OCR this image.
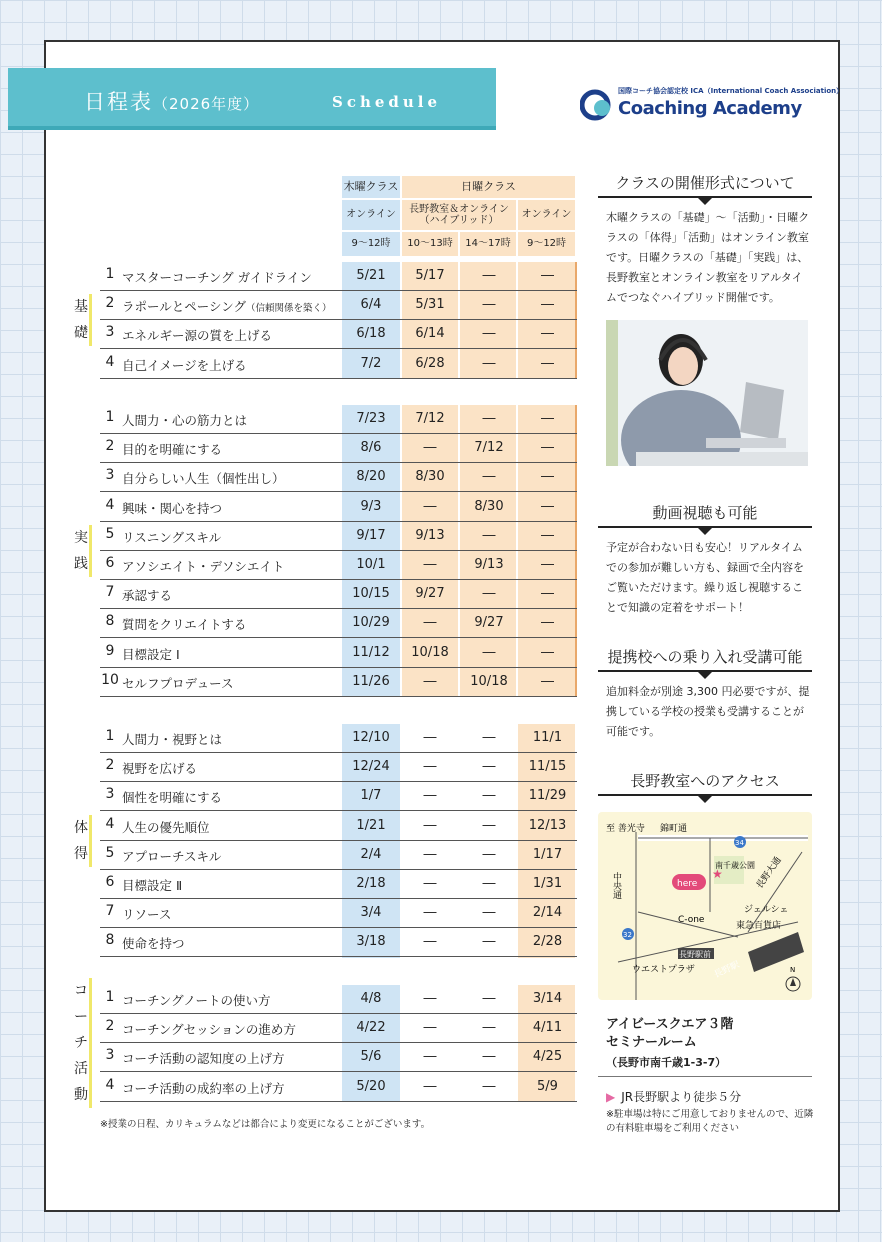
日程表（2026年度）	Schedule
国際コーチ協会認定校 ICA（International Coach Association）
Coaching Academy
木曜クラス	日曜クラス
オンライン
長野教室＆オンライン（ハイブリッド）
オンライン
9～12時	10～13時	14～17時	9～12時
基礎
1 マスターコーチング ガイドライン	5/21	5/17	―	―
2 ラポールとペーシング（信頼関係を築く）	6/4	5/31	―	―
3 エネルギー源の質を上げる	6/18	6/14	―	―
4 自己イメージを上げる	7/2	6/28	―	―
実践
1 人間力・心の筋力とは	7/23	7/12	―	―
2 目的を明確にする	8/6	―	7/12	―
3 自分らしい人生（個性出し）	8/20	8/30	―	―
4 興味・関心を持つ	9/3	―	8/30	―
5 リスニングスキル	9/17	9/13	―	―
6 アソシエイト・デソシエイト	10/1	―	9/13	―
7 承認する	10/15	9/27	―	―
8 質問をクリエイトする	10/29	―	9/27	―
9 目標設定 Ⅰ	11/12	10/18	―	―
10 セルフプロデュース	11/26	―	10/18	―
体得
1 人間力・視野とは	12/10	―	―	11/1
2 視野を広げる	12/24	―	―	11/15
3 個性を明確にする	1/7	―	―	11/29
4 人生の優先順位	1/21	―	―	12/13
5 アプローチスキル	2/4	―	―	1/17
6 目標設定 Ⅱ	2/18	―	―	1/31
7 リソース	3/4	―	―	2/14
8 使命を持つ	3/18	―	―	2/28
コーチ活動
1 コーチングノートの使い方	4/8	―	―	3/14
2 コーチングセッションの進め方	4/22	―	―	4/11
3 コーチ活動の認知度の上げ方	5/6	―	―	4/25
4 コーチ活動の成約率の上げ方	5/20	―	―	5/9
※授業の日程、カリキュラムなどは都合により変更になることがございます。
クラスの開催形式について
木曜クラスの「基礎」～「活動」・日曜クラスの「体得」「活動」はオンライン教室です。日曜クラスの「基礎」「実践」は、長野教室とオンライン教室をリアルタイムでつなぐハイブリッド開催です。
動画視聴も可能
予定が合わない日も安心！リアルタイムでの参加が難しい方も、録画で全内容をご覧いただけます。繰り返し視聴することで知識の定着をサポート！
提携校への乗り入れ受講可能
追加料金が別途 3,300 円必要ですが、提携している学校の授業も受講することが可能です。
長野教室へのアクセス
長野駅
至 善光寺 錦町通
中央通	長野大通
南千歳公園
here
★
C-one
ジェルシェ
東急百貨店
長野駅前
ウエストプラザ
34
32
N
アイビースクエア３階
セミナールーム
（長野市南千歳1-3-7）
▶ JR長野駅より徒歩５分
※駐車場は特にご用意しておりませんので、近隣の有料駐車場をご利用ください
